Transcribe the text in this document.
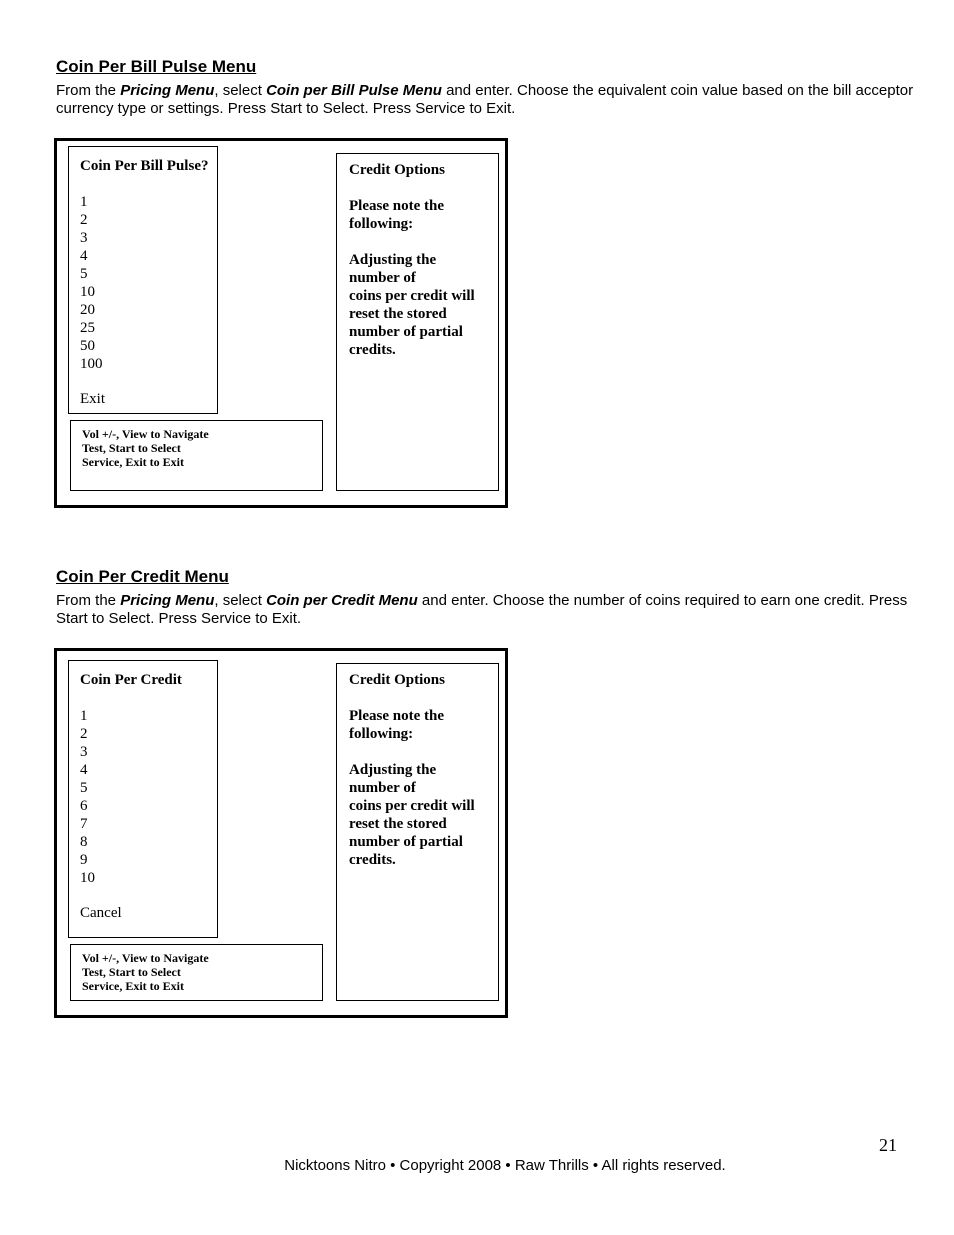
Coin Per Bill Pulse Menu

From the Pricing Menu, select Coin per Bill Pulse Menu and enter. Choose the equivalent coin value based on the bill acceptor currency type or settings. Press Start to Select. Press Service to Exit.

Coin Per Bill Pulse?
1
2
3
4
5
10
20
25
50
100
Exit
Vol +/-, View to Navigate
Test, Start to Select
Service, Exit to Exit

Credit Options

Please note the

following:

Adjusting the

number of

coins per credit will

reset the stored

number of partial

credits.

Coin Per Credit Menu

From the Pricing Menu, select Coin per Credit Menu and enter. Choose the number of coins required to earn one credit. Press Start to Select. Press Service to Exit.

Coin Per Credit
1
2
3
4
5
6
7
8
9
10
Cancel
Vol +/-, View to Navigate
Test, Start to Select
Service, Exit to Exit

Credit Options

Please note the

following:

Adjusting the

number of

coins per credit will

reset the stored

number of partial

credits.

21
Nicktoons Nitro • Copyright 2008 • Raw Thrills • All rights reserved.
